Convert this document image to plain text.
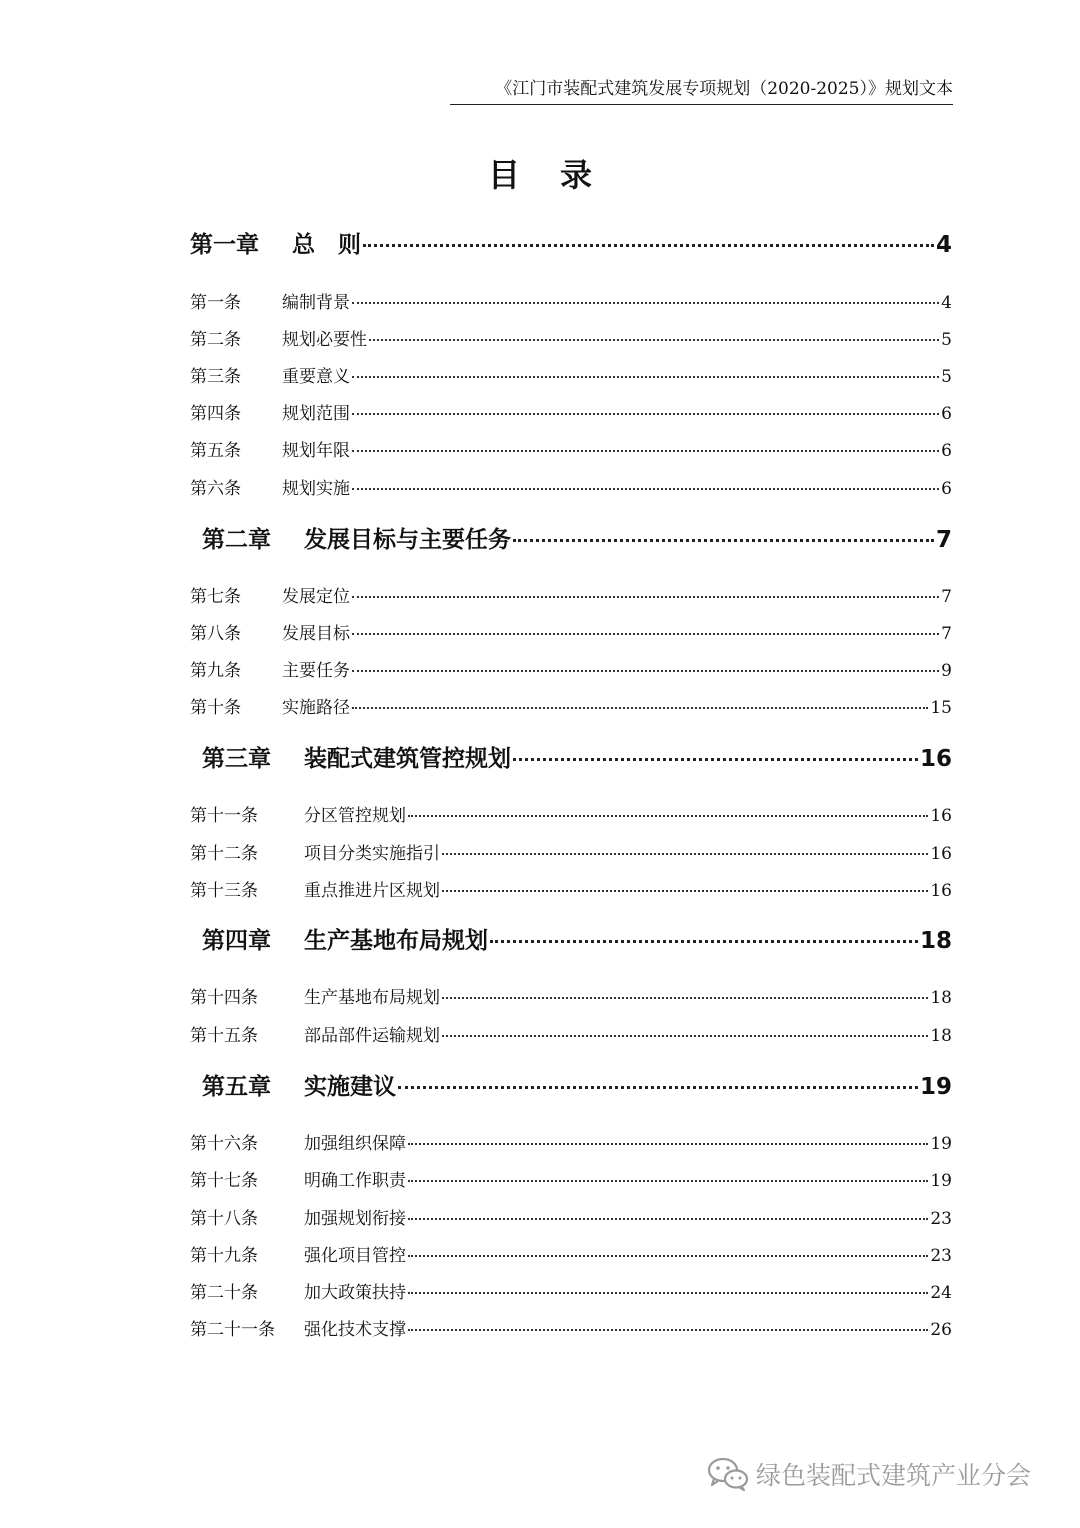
《江门市装配式建筑发展专项规划（2020-2025）》规划文本
目录
第一章	总　则	4
第一条	编制背景	4
第二条	规划必要性	5
第三条	重要意义	5
第四条	规划范围	6
第五条	规划年限	6
第六条	规划实施	6
第二章	发展目标与主要任务	7
第七条	发展定位	7
第八条	发展目标	7
第九条	主要任务	9
第十条	实施路径	15
第三章	装配式建筑管控规划	16
第十一条	分区管控规划	16
第十二条	项目分类实施指引	16
第十三条	重点推进片区规划	16
第四章	生产基地布局规划	18
第十四条	生产基地布局规划	18
第十五条	部品部件运输规划	18
第五章	实施建议	19
第十六条	加强组织保障	19
第十七条	明确工作职责	19
第十八条	加强规划衔接	23
第十九条	强化项目管控	23
第二十条	加大政策扶持	24
第二十一条	强化技术支撑	26
绿色装配式建筑产业分会
